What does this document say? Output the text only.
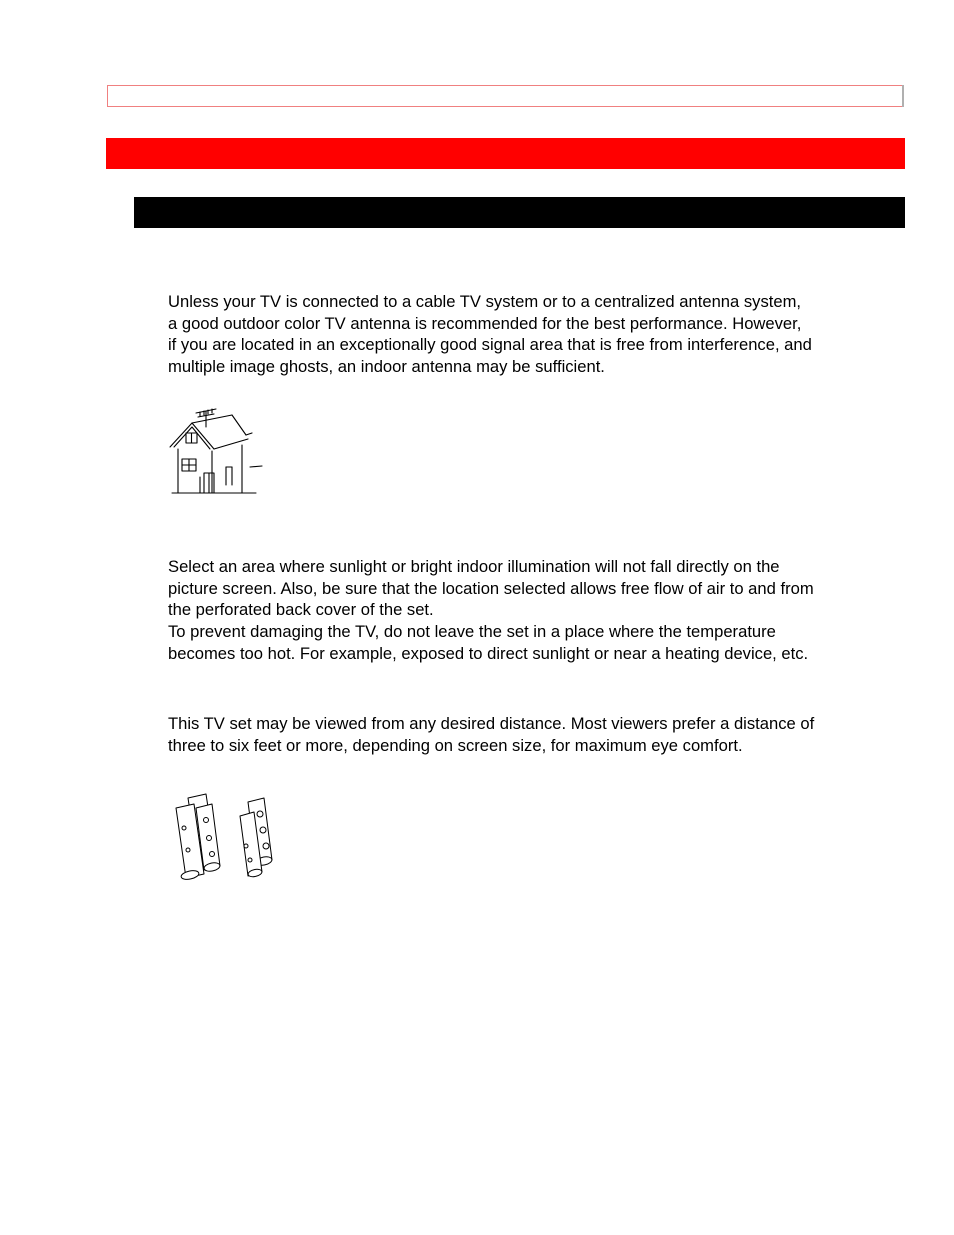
Unless your TV is connected to a cable TV system or to a centralized antenna system,
a good outdoor color TV antenna is recommended for the best performance. However,
if you are located in an exceptionally good signal area that is free from interference, and
multiple image ghosts, an indoor antenna may be sufficient.
Select an area where sunlight or bright indoor illumination will not fall directly on the
picture screen. Also, be sure that the location selected allows free flow of air to and from
the perforated back cover of the set.
To prevent damaging the TV, do not leave the set in a place where the temperature
becomes too hot. For example, exposed to direct sunlight or near a heating device, etc.
This TV set may be viewed from any desired distance. Most viewers prefer a distance of
three to six feet or more, depending on screen size, for maximum eye comfort.
